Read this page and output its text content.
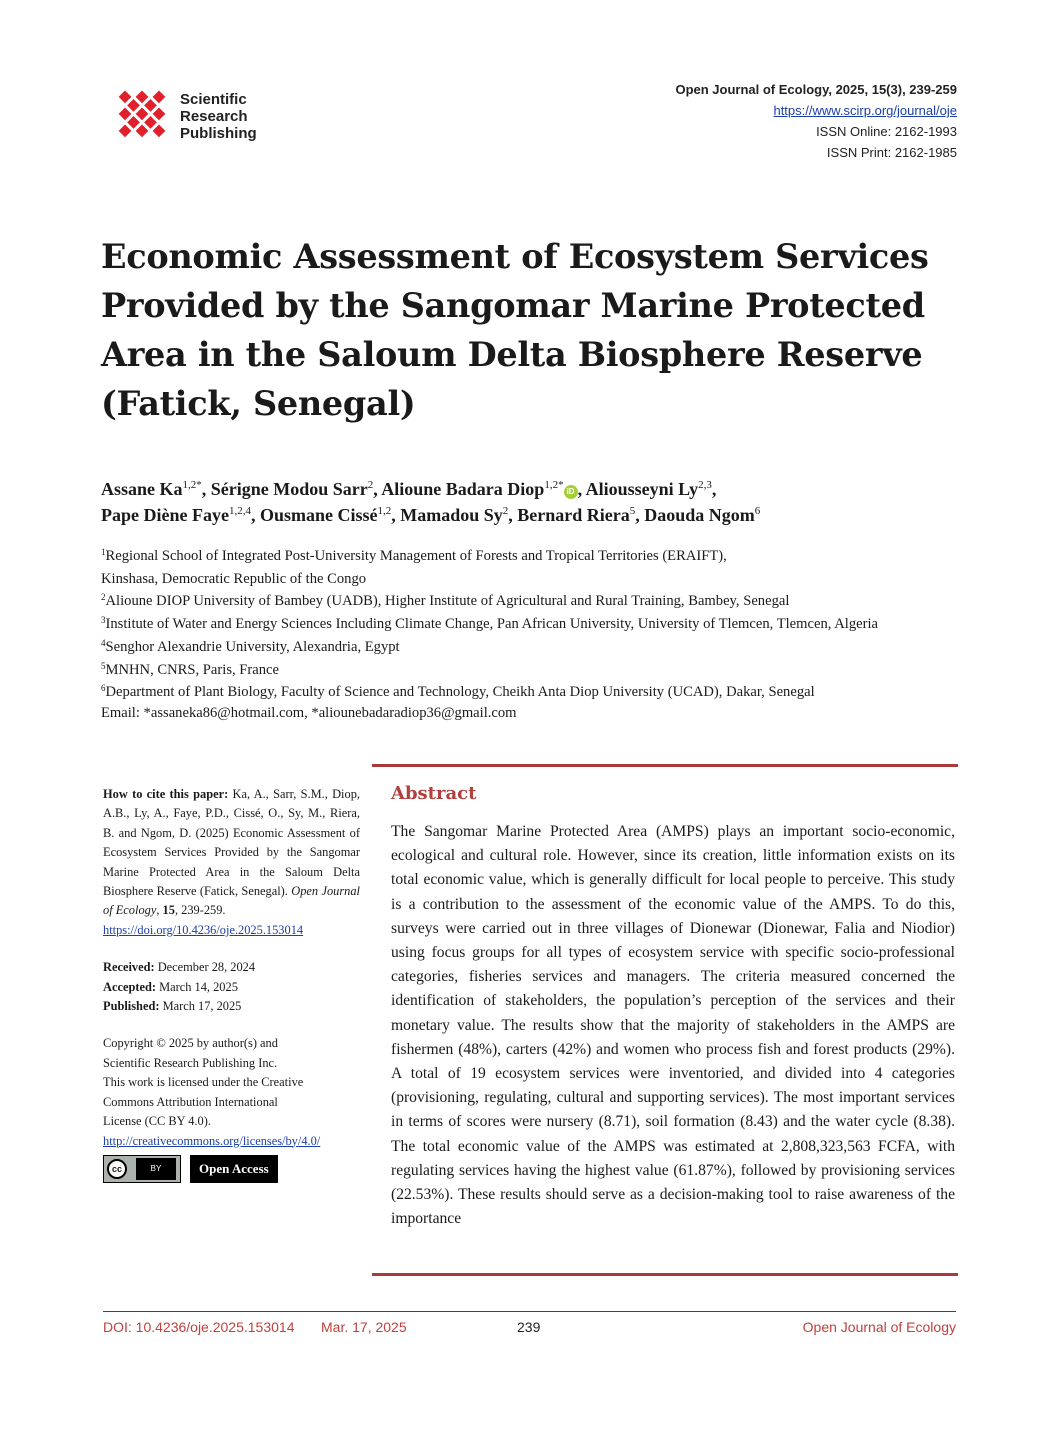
Scientific
Research
Publishing
Open Journal of Ecology, 2025, 15(3), 239-259
https://www.scirp.org/journal/oje
ISSN Online: 2162-1993
ISSN Print: 2162-1985
Economic Assessment of Ecosystem Services Provided by the Sangomar Marine Protected Area in the Saloum Delta Biosphere Reserve (Fatick, Senegal)
Assane $Ka^{1,2*}$, Sérigne Modou Sarr$^2$, Alioune Badara Diop$^{1,2*}$iD , Aliousseyni Ly$^{2,3}$,
Pape Diène Faye$^{1,2,4}$, Ousmane Cissé$^{1,2}$, Mamadou Sy$^2$, Bernard Riera$^5$, Daouda Ngom$^6$
$^1$Regional School of Integrated Post-University Management of Forests and Tropical Territories (ERAIFT),
Kinshasa, Democratic Republic of the Congo
$^2$Alioune DIOP University of Bambey (UADB), Higher Institute of Agricultural and Rural Training, Bambey, Senegal
$^3$Institute of Water and Energy Sciences Including Climate Change, Pan African University, University of Tlemcen, Tlemcen, Algeria
$^4$Senghor Alexandrie University, Alexandria, Egypt
$^5$MNHN, CNRS, Paris, France
$^6$Department of Plant Biology, Faculty of Science and Technology, Cheikh Anta Diop University (UCAD), Dakar, Senegal
Email: *assaneka86@hotmail.com, *aliounebadaradiop36@gmail.com
How to cite this paper: Ka, A., Sarr, S.M., Diop, A.B., Ly, A., Faye, P.D., Cissé, O., Sy, M., Riera, B. and Ngom, D. (2025) Economic Assessment of Ecosystem Services Provided by the Sangomar Marine Protected Area in the Saloum Delta Biosphere Reserve (Fatick, Senegal). Open Journal of Ecology, 15, 239-259.
https://doi.org/10.4236/oje.2025.153014
Received: December 28, 2024
Accepted: March 14, 2025
Published: March 17, 2025
Copyright © 2025 by author(s) and
Scientific Research Publishing Inc.
This work is licensed under the Creative
Commons Attribution International
License (CC BY 4.0).
http://creativecommons.org/licenses/by/4.0/
cc	BY	Open Access
Abstract
The Sangomar Marine Protected Area (AMPS) plays an important socio-economic, ecological and cultural role. However, since its creation, little information exists on its total economic value, which is generally difficult for local people to perceive. This study is a contribution to the assessment of the economic value of the AMPS. To do this, surveys were carried out in three villages of Dionewar (Dionewar, Falia and Niodior) using focus groups for all types of ecosystem service with specific socio-professional categories, fisheries services and managers. The criteria measured concerned the identification of stakeholders, the population’s perception of the services and their monetary value. The results show that the majority of stakeholders in the AMPS are fishermen (48%), carters (42%) and women who process fish and forest products (29%). A total of 19 ecosystem services were inventoried, and divided into 4 categories (provisioning, regulating, cultural and supporting services). The most important services in terms of scores were nursery (8.71), soil formation (8.43) and the water cycle (8.38). The total economic value of the AMPS was estimated at 2,808,323,563 FCFA, with regulating services having the highest value (61.87%), followed by provisioning services (22.53%). These results should serve as a decision-making tool to raise awareness of the importance
DOI: 10.4236/oje.2025.153014 Mar. 17, 2025	239	Open Journal of Ecology
